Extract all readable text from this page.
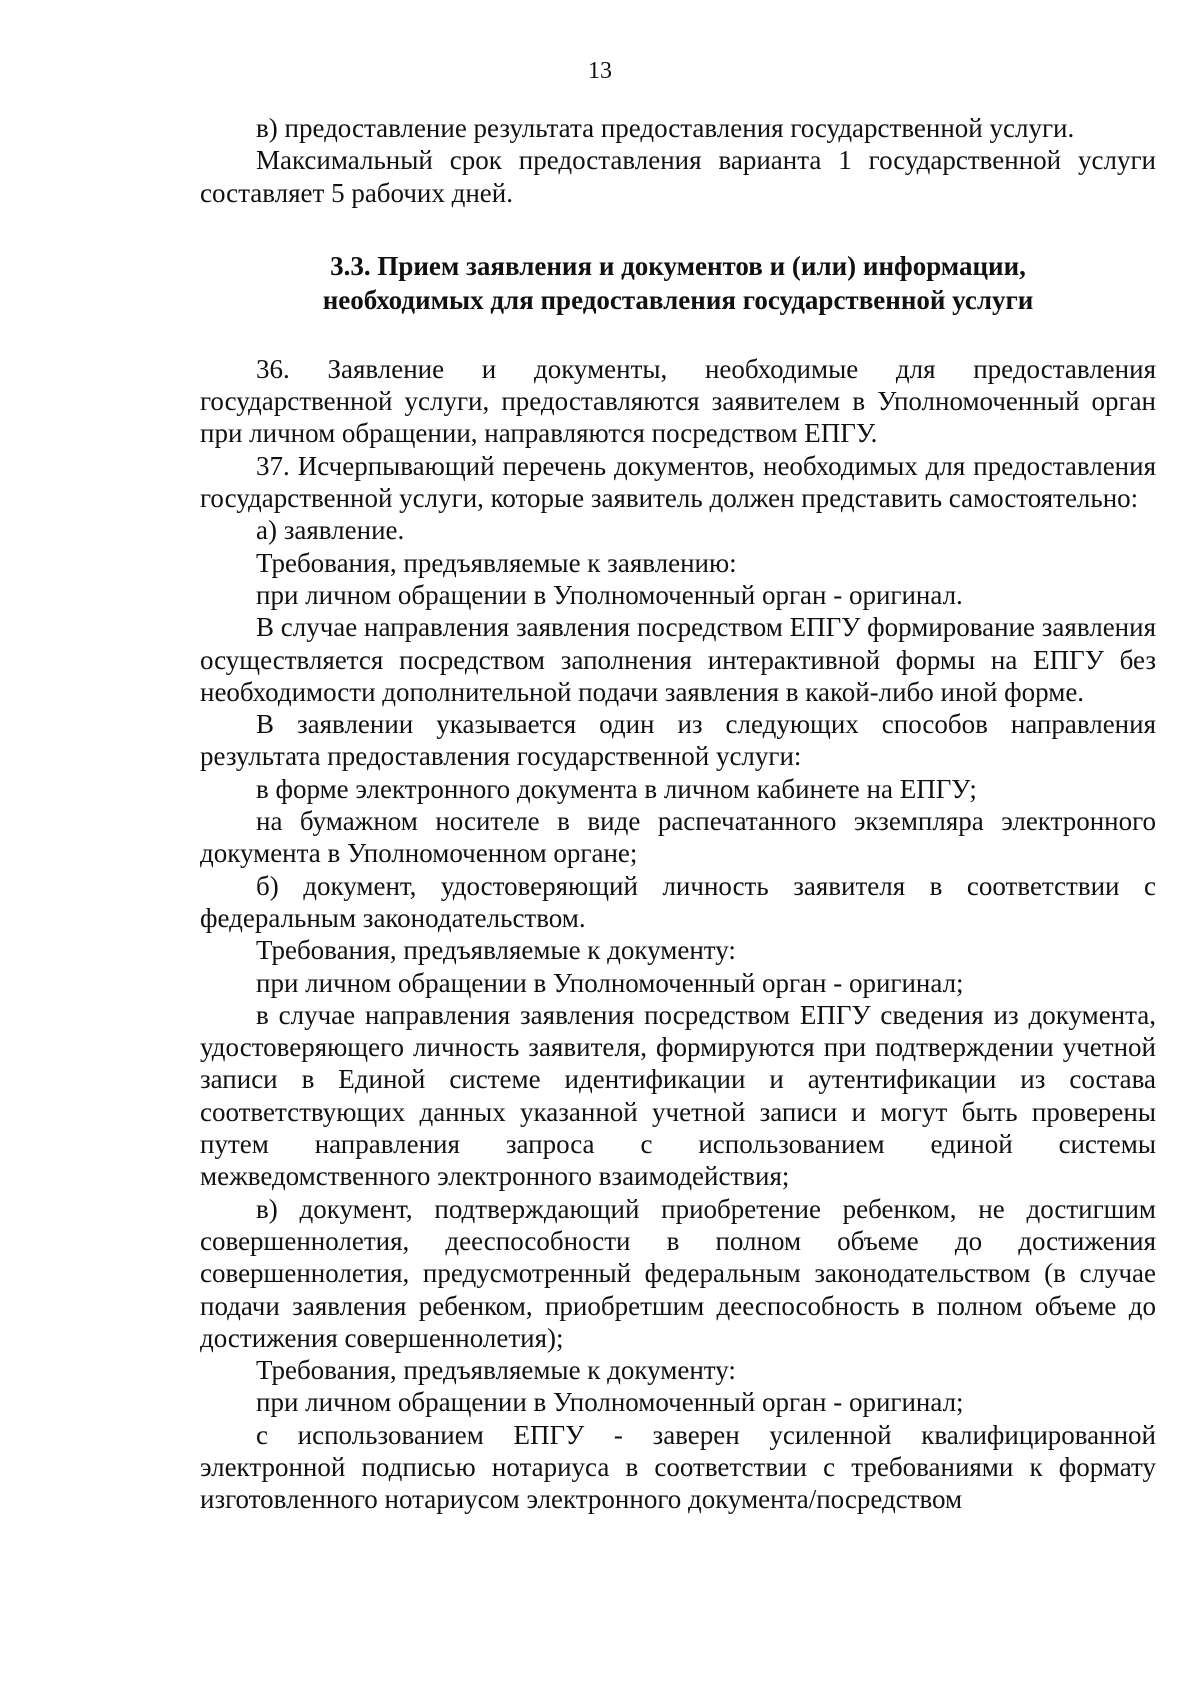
13

в) предоставление результата предоставления государственной услуги.

Максимальный срок предоставления варианта 1 государственной услуги составляет 5 рабочих дней.

3.3. Прием заявления и документов и (или) информации,
необходимых для предоставления государственной услуги

36. Заявление и документы, необходимые для предоставления государственной услуги, предоставляются заявителем в Уполномоченный орган при личном обращении, направляются посредством ЕПГУ.

37. Исчерпывающий перечень документов, необходимых для предоставления государственной услуги, которые заявитель должен представить самостоятельно:

а) заявление.

Требования, предъявляемые к заявлению:

при личном обращении в Уполномоченный орган - оригинал.

В случае направления заявления посредством ЕПГУ формирование заявления осуществляется посредством заполнения интерактивной формы на ЕПГУ без необходимости дополнительной подачи заявления в какой-либо иной форме.

В заявлении указывается один из следующих способов направления результата предоставления государственной услуги:

в форме электронного документа в личном кабинете на ЕПГУ;

на бумажном носителе в виде распечатанного экземпляра электронного документа в Уполномоченном органе;

б) документ, удостоверяющий личность заявителя в соответствии с федеральным законодательством.

Требования, предъявляемые к документу:

при личном обращении в Уполномоченный орган - оригинал;

в случае направления заявления посредством ЕПГУ сведения из документа, удостоверяющего личность заявителя, формируются при подтверждении учетной записи в Единой системе идентификации и аутентификации из состава соответствующих данных указанной учетной записи и могут быть проверены путем направления запроса с использованием единой системы межведомственного электронного взаимодействия;

в) документ, подтверждающий приобретение ребенком, не достигшим совершеннолетия, дееспособности в полном объеме до достижения совершеннолетия, предусмотренный федеральным законодательством (в случае подачи заявления ребенком, приобретшим дееспособность в полном объеме до достижения совершеннолетия);

Требования, предъявляемые к документу:

при личном обращении в Уполномоченный орган - оригинал;

с использованием ЕПГУ - заверен усиленной квалифицированной электронной подписью нотариуса в соответствии с требованиями к формату изготовленного нотариусом электронного документа/посредством
